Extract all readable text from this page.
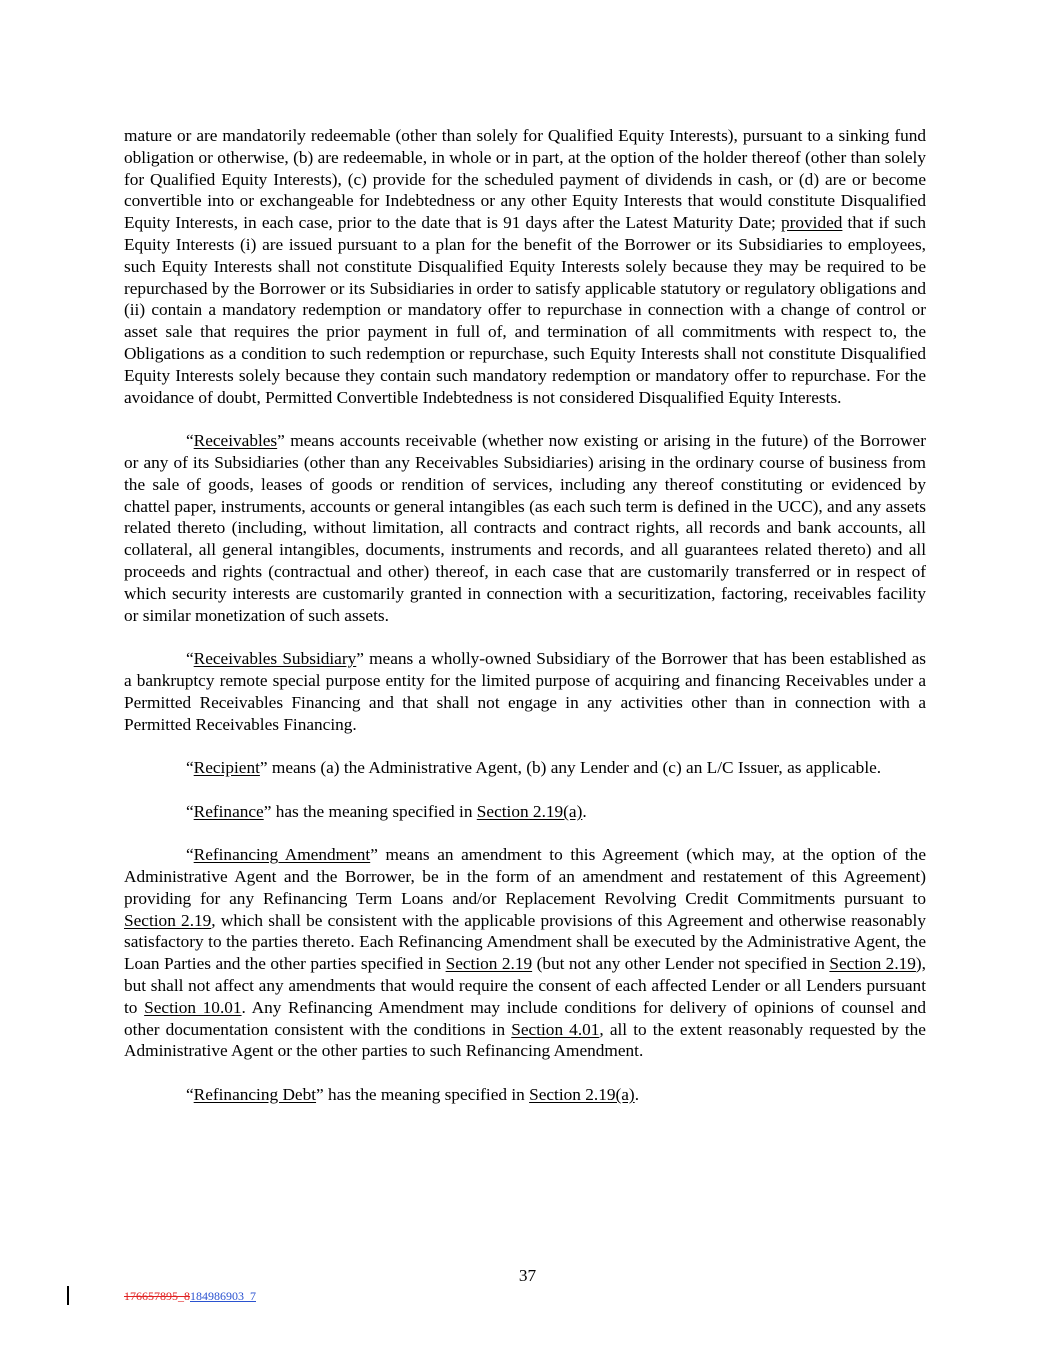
mature or are mandatorily redeemable (other than solely for Qualified Equity Interests), pursuant to a sinking fund obligation or otherwise, (b) are redeemable, in whole or in part, at the option of the holder thereof (other than solely for Qualified Equity Interests), (c) provide for the scheduled payment of dividends in cash, or (d) are or become convertible into or exchangeable for Indebtedness or any other Equity Interests that would constitute Disqualified Equity Interests, in each case, prior to the date that is 91 days after the Latest Maturity Date; provided that if such Equity Interests (i) are issued pursuant to a plan for the benefit of the Borrower or its Subsidiaries to employees, such Equity Interests shall not constitute Disqualified Equity Interests solely because they may be required to be repurchased by the Borrower or its Subsidiaries in order to satisfy applicable statutory or regulatory obligations and (ii) contain a mandatory redemption or mandatory offer to repurchase in connection with a change of control or asset sale that requires the prior payment in full of, and termination of all commitments with respect to, the Obligations as a condition to such redemption or repurchase, such Equity Interests shall not constitute Disqualified Equity Interests solely because they contain such mandatory redemption or mandatory offer to repurchase. For the avoidance of doubt, Permitted Convertible Indebtedness is not considered Disqualified Equity Interests.

“Receivables” means accounts receivable (whether now existing or arising in the future) of the Borrower or any of its Subsidiaries (other than any Receivables Subsidiaries) arising in the ordinary course of business from the sale of goods, leases of goods or rendition of services, including any thereof constituting or evidenced by chattel paper, instruments, accounts or general intangibles (as each such term is defined in the UCC), and any assets related thereto (including, without limitation, all contracts and contract rights, all records and bank accounts, all collateral, all general intangibles, documents, instruments and records, and all guarantees related thereto) and all proceeds and rights (contractual and other) thereof, in each case that are customarily transferred or in respect of which security interests are customarily granted in connection with a securitization, factoring, receivables facility or similar monetization of such assets.

“Receivables Subsidiary” means a wholly-owned Subsidiary of the Borrower that has been established as a bankruptcy remote special purpose entity for the limited purpose of acquiring and financing Receivables under a Permitted Receivables Financing and that shall not engage in any activities other than in connection with a Permitted Receivables Financing.

“Recipient” means (a) the Administrative Agent, (b) any Lender and (c) an L/C Issuer, as applicable.

“Refinance” has the meaning specified in Section 2.19(a).

“Refinancing Amendment” means an amendment to this Agreement (which may, at the option of the Administrative Agent and the Borrower, be in the form of an amendment and restatement of this Agreement) providing for any Refinancing Term Loans and/or Replacement Revolving Credit Commitments pursuant to Section 2.19, which shall be consistent with the applicable provisions of this Agreement and otherwise reasonably satisfactory to the parties thereto. Each Refinancing Amendment shall be executed by the Administrative Agent, the Loan Parties and the other parties specified in Section 2.19 (but not any other Lender not specified in Section 2.19), but shall not affect any amendments that would require the consent of each affected Lender or all Lenders pursuant to Section 10.01. Any Refinancing Amendment may include conditions for delivery of opinions of counsel and other documentation consistent with the conditions in Section 4.01, all to the extent reasonably requested by the Administrative Agent or the other parties to such Refinancing Amendment.

“Refinancing Debt” has the meaning specified in Section 2.19(a).

37
176657895_8184986903_7
